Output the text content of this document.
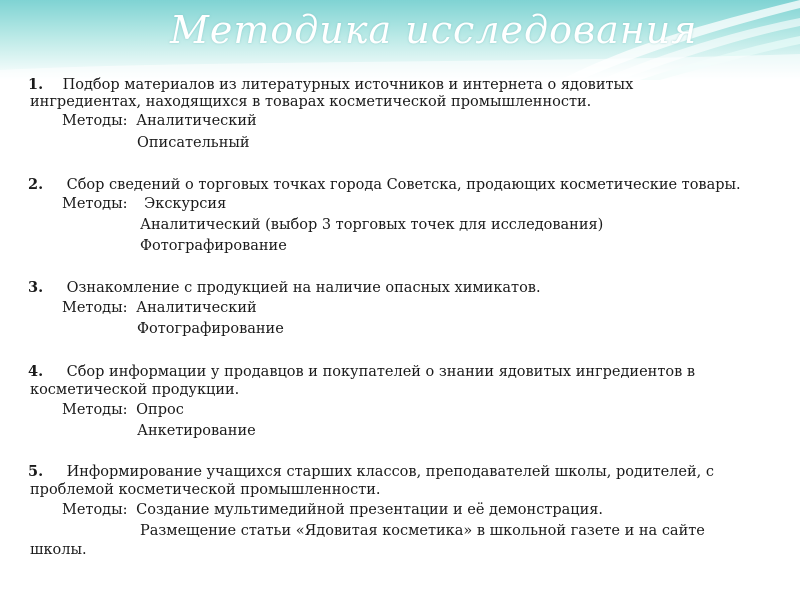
Методика исследования
1. Подбор материалов из литературных источников и интернета о ядовитых
ингредиентах, находящихся в товарах косметической промышленности.
Методы: Аналитический
Описательный
2. Сбор сведений о торговых точках города Советска, продающих косметические товары.
Методы: Экскурсия
Аналитический (выбор 3 торговых точек для исследования)
Фотографирование
3. Ознакомление с продукцией на наличие опасных химикатов.
Методы: Аналитический
Фотографирование
4. Сбор информации у продавцов и покупателей о знании ядовитых ингредиентов в
косметической продукции.
Методы: Опрос
Анкетирование
5. Информирование учащихся старших классов, преподавателей школы, родителей, с
проблемой косметической промышленности.
Методы: Создание мультимедийной презентации и её демонстрация.
Размещение статьи «Ядовитая косметика» в школьной газете и на сайте
школы.
